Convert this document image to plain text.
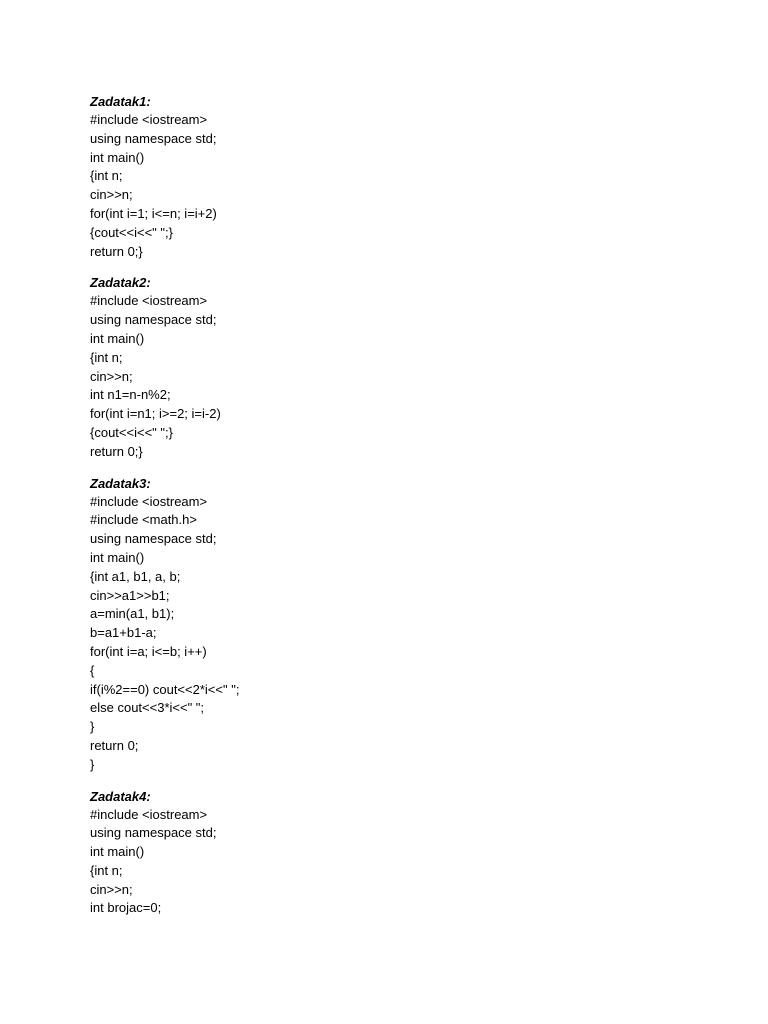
Zadatak1:
#include <iostream>
using namespace std;
int main()
{int n;
cin>>n;
for(int i=1; i<=n; i=i+2)
{cout<<i<<" ";}
return 0;}
Zadatak2:
#include <iostream>
using namespace std;
int main()
{int n;
cin>>n;
int n1=n-n%2;
for(int i=n1; i>=2; i=i-2)
{cout<<i<<" ";}
return 0;}
Zadatak3:
#include <iostream>
#include <math.h>
using namespace std;
int main()
{int a1, b1, a, b;
cin>>a1>>b1;
a=min(a1, b1);
b=a1+b1-a;
for(int i=a; i<=b; i++)
{
if(i%2==0) cout<<2*i<<" ";
else cout<<3*i<<" ";
}
return 0;
}
Zadatak4:
#include <iostream>
using namespace std;
int main()
{int n;
cin>>n;
int brojac=0;
